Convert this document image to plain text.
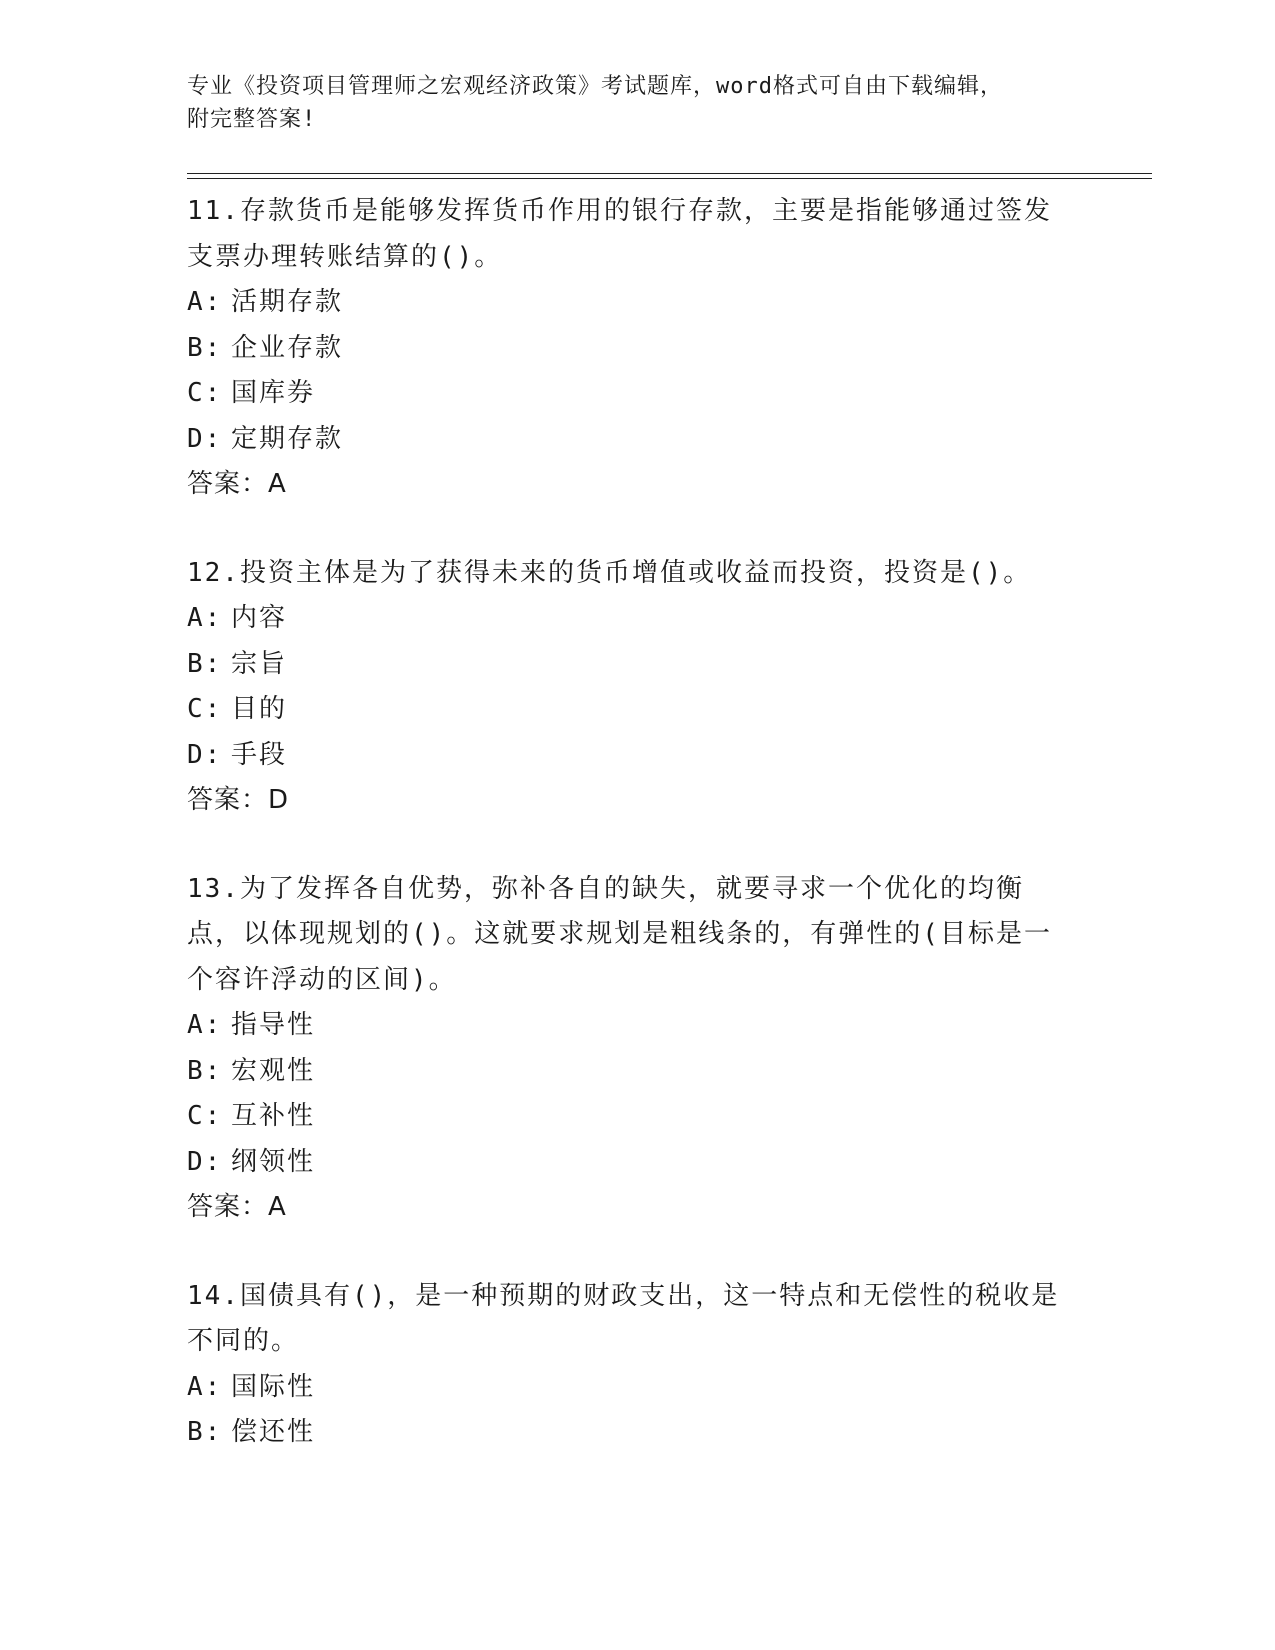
专业《投资项目管理师之宏观经济政策》考试题库，word格式可自由下载编辑，
附完整答案!

11.存款货币是能够发挥货币作用的银行存款，主要是指能够通过签发支票办理转账结算的()。

A: 活期存款

B: 企业存款

C: 国库券

D: 定期存款

答案：A

12.投资主体是为了获得未来的货币增值或收益而投资，投资是()。

A: 内容

B: 宗旨

C: 目的

D: 手段

答案：D

13.为了发挥各自优势，弥补各自的缺失，就要寻求一个优化的均衡点，以体现规划的()。这就要求规划是粗线条的，有弹性的(目标是一个容许浮动的区间)。

A: 指导性

B: 宏观性

C: 互补性

D: 纲领性

答案：A

14.国债具有()，是一种预期的财政支出，这一特点和无偿性的税收是不同的。

A: 国际性

B: 偿还性
